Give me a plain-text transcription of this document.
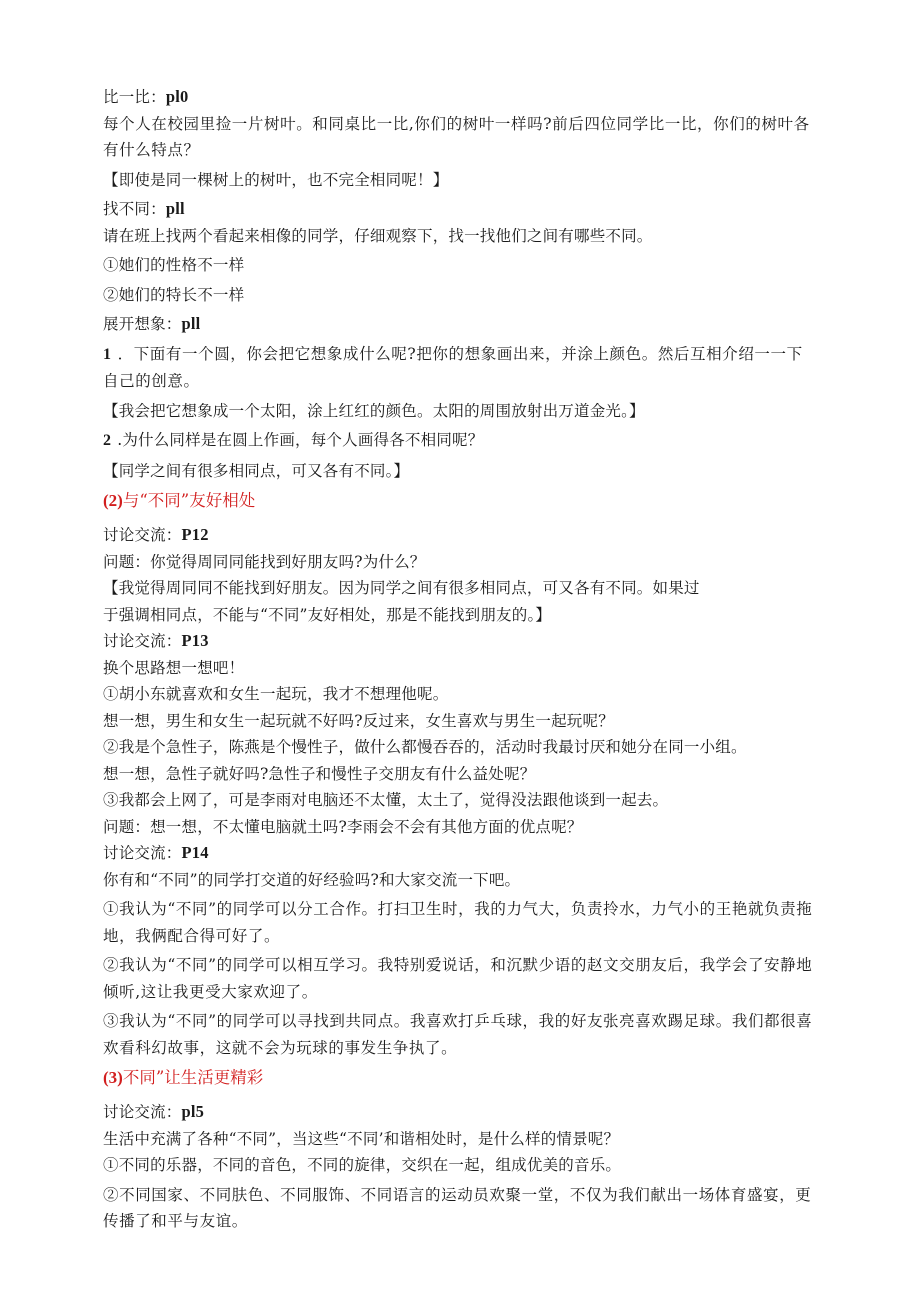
比一比：pl0
每个人在校园里捡一片树叶。和同桌比一比,你们的树叶一样吗?前后四位同学比一比，你们的树叶各有什么特点？
【即使是同一棵树上的树叶，也不完全相同呢！】
找不同：pll
请在班上找两个看起来相像的同学，仔细观察下，找一找他们之间有哪些不同。
①她们的性格不一样
②她们的特长不一样
展开想象：pll
1 ．下面有一个圆，你会把它想象成什么呢?把你的想象画出来，并涂上颜色。然后互相介绍一一下自己的创意。
【我会把它想象成一个太阳，涂上红红的颜色。太阳的周围放射出万道金光。】
2 .为什么同样是在圆上作画，每个人画得各不相同呢？
【同学之间有很多相同点，可又各有不同。】
(2)与“不同”友好相处
讨论交流：P12
问题：你觉得周同同能找到好朋友吗?为什么？
【我觉得周同同不能找到好朋友。因为同学之间有很多相同点，可又各有不同。如果过
于强调相同点，不能与“不同”友好相处，那是不能找到朋友的。】
讨论交流：P13
换个思路想一想吧！
①胡小东就喜欢和女生一起玩，我才不想理他呢。
想一想，男生和女生一起玩就不好吗?反过来，女生喜欢与男生一起玩呢？
②我是个急性子，陈燕是个慢性子，做什么都慢吞吞的，活动时我最讨厌和她分在同一小组。
想一想，急性子就好吗?急性子和慢性子交朋友有什么益处呢？
③我都会上网了，可是李雨对电脑还不太懂，太土了，觉得没法跟他谈到一起去。
问题：想一想，不太懂电脑就土吗?李雨会不会有其他方面的优点呢？
讨论交流：P14
你有和“不同”的同学打交道的好经验吗?和大家交流一下吧。
①我认为“不同”的同学可以分工合作。打扫卫生时，我的力气大，负责拎水，力气小的王艳就负责拖地，我俩配合得可好了。
②我认为“不同”的同学可以相互学习。我特别爱说话，和沉默少语的赵文交朋友后，我学会了安静地倾听,这让我更受大家欢迎了。
③我认为“不同”的同学可以寻找到共同点。我喜欢打乒乓球，我的好友张亮喜欢踢足球。我们都很喜欢看科幻故事，这就不会为玩球的事发生争执了。
(3)不同”让生活更精彩
讨论交流：pl5
生活中充满了各种“不同”，当这些“不同’和谐相处时，是什么样的情景呢？
①不同的乐器，不同的音色，不同的旋律，交织在一起，组成优美的音乐。
②不同国家、不同肤色、不同服饰、不同语言的运动员欢聚一堂，不仅为我们献出一场体育盛宴，更传播了和平与友谊。
